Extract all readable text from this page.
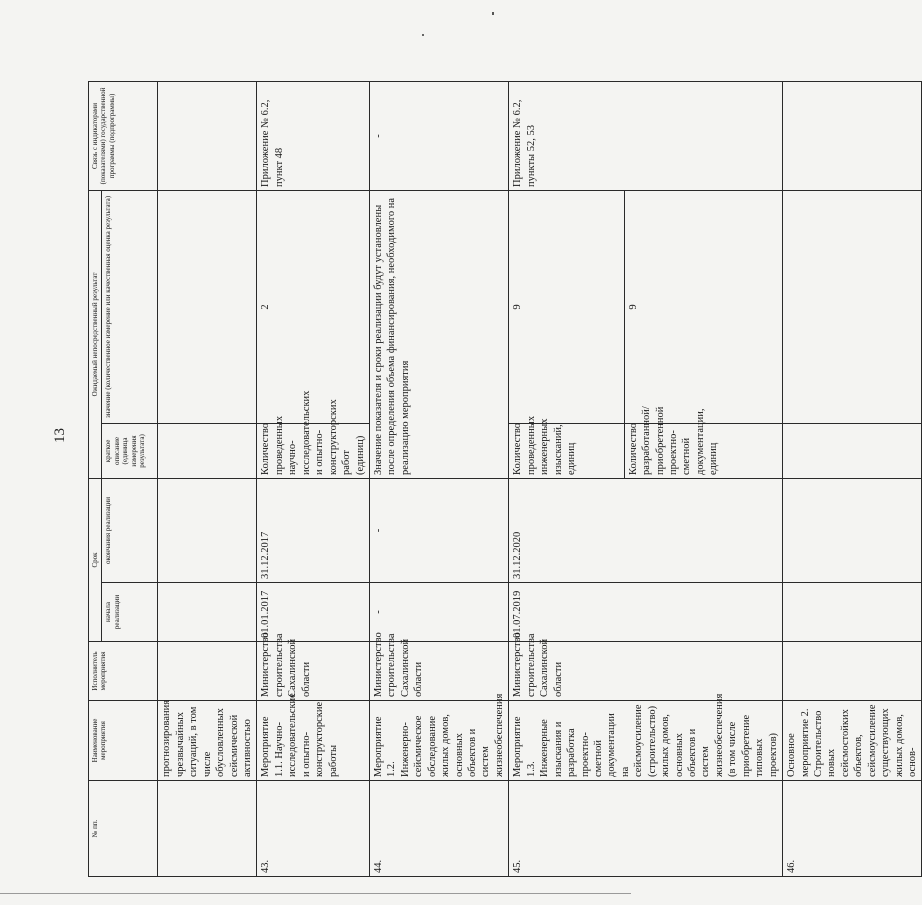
13
№ пп.	Наименование мероприятия	Исполнитель мероприятия	Срок		Ожидаемый непосредственный результат		Связь с индикаторами (показателями) государственной программы (подпрограммы)
			начала реализации	окончания реализации	краткое описание (единица измерения результата)	значение (количественное измерение или качественная оценка результата)	
	прогнозирования чрезвычайных ситуаций, в том числе обусловленных сейсмической активностью						
43.	Мероприятие 1.1. Научно-исследовательские и опытно-конструкторские работы	Министерство строительства Сахалинской области	01.01.2017	31.12.2017	Количество проведенных научно-исследовательских и опытно-конструкторских работ (единиц)	2	Приложение № 6.2, пункт 48
44.	Мероприятие 1.2. Инженерно-сейсмическое обследование жилых домов, основных объектов и систем жизнеобеспечения	Министерство строительства Сахалинской области	-	-	Значение показателя и сроки реализации будут установлены после определения объема финансирования, необходимого на реализацию мероприятия		-
45.	Мероприятие 1.3. Инженерные изыскания и разработка проектно-сметной документации на сейсмоусиление (строительство) жилых домов, основных объектов и систем жизнеобеспечения (в том числе приобретение типовых проектов)	Министерство строительства Сахалинской области	01.07.2019	31.12.2020	Количество проведенных инженерных изысканий, единиц	9	Приложение № 6.2, пункты 52, 53
					Количество разработанной/ приобретенной проектно-сметной документации, единиц	9	
46.	Основное мероприятие 2. Строительство новых сейсмостойких объектов, сейсмоусиление существующих жилых домов, основ-						
